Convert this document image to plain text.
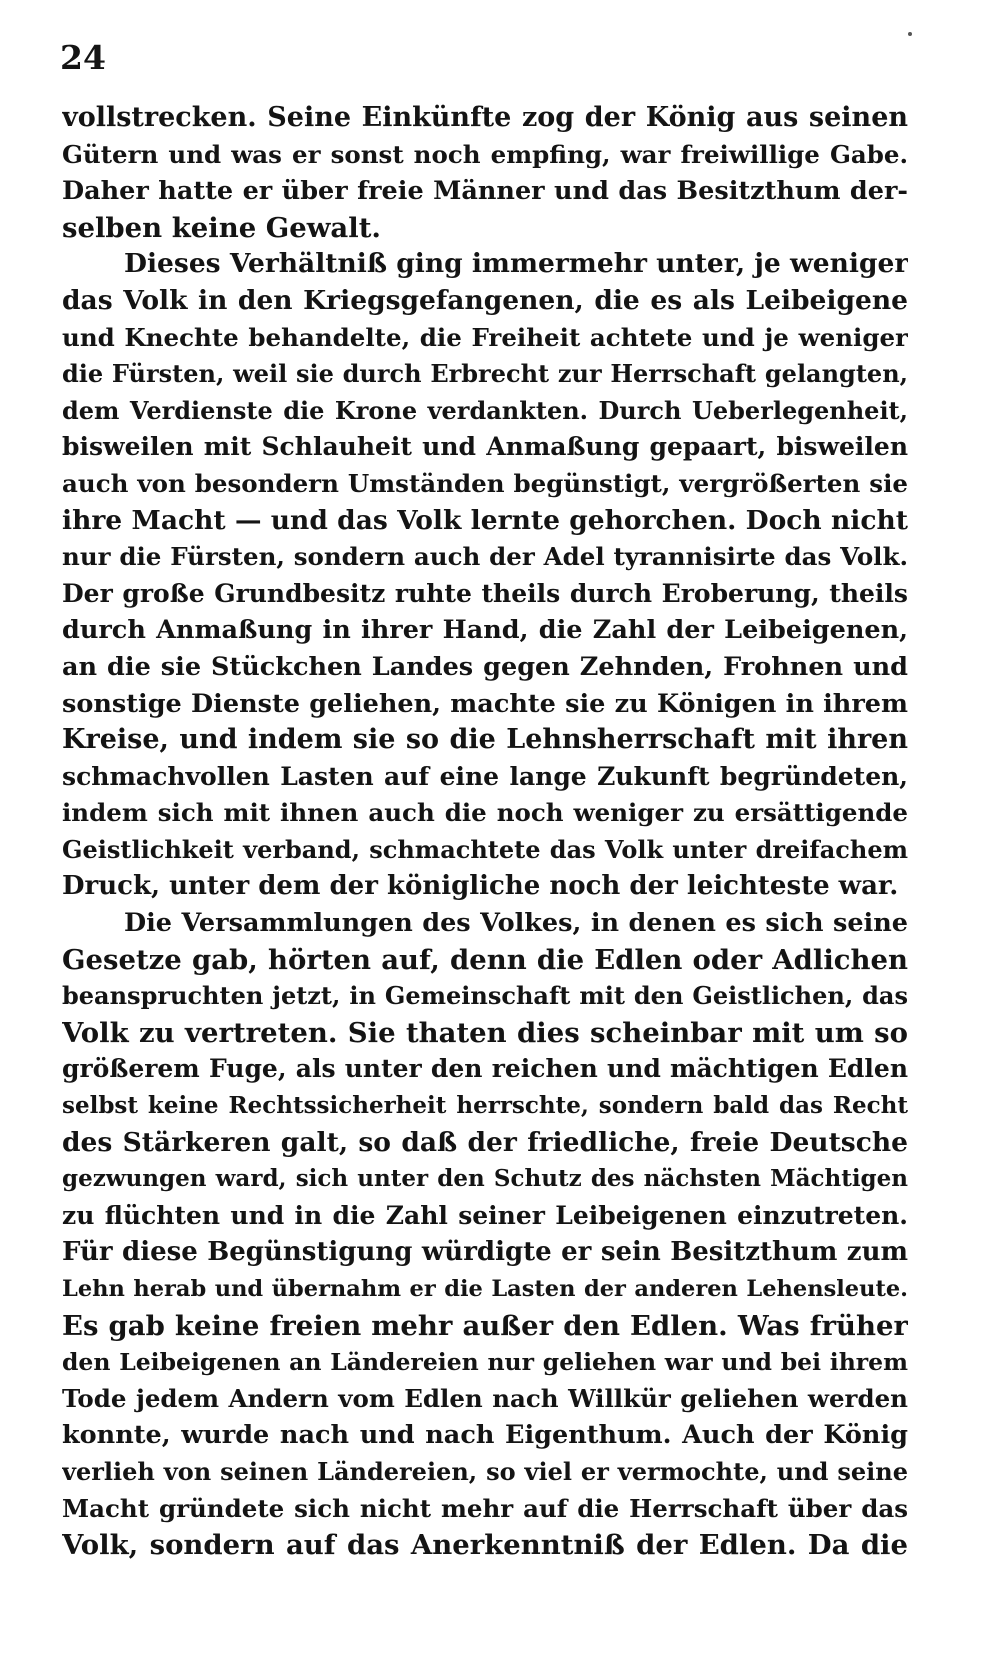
24
vollstrecken. Seine Einkünfte zog der König aus seinen
Gütern und was er sonst noch empfing, war freiwillige Gabe.
Daher hatte er über freie Männer und das Besitzthum der-
selben keine Gewalt.
Dieses Verhältniß ging immermehr unter, je weniger
das Volk in den Kriegsgefangenen, die es als Leibeigene
und Knechte behandelte, die Freiheit achtete und je weniger
die Fürsten, weil sie durch Erbrecht zur Herrschaft gelangten,
dem Verdienste die Krone verdankten. Durch Ueberlegenheit,
bisweilen mit Schlauheit und Anmaßung gepaart, bisweilen
auch von besondern Umständen begünstigt, vergrößerten sie
ihre Macht — und das Volk lernte gehorchen. Doch nicht
nur die Fürsten, sondern auch der Adel tyrannisirte das Volk.
Der große Grundbesitz ruhte theils durch Eroberung, theils
durch Anmaßung in ihrer Hand, die Zahl der Leibeigenen,
an die sie Stückchen Landes gegen Zehnden, Frohnen und
sonstige Dienste geliehen, machte sie zu Königen in ihrem
Kreise, und indem sie so die Lehnsherrschaft mit ihren
schmachvollen Lasten auf eine lange Zukunft begründeten,
indem sich mit ihnen auch die noch weniger zu ersättigende
Geistlichkeit verband, schmachtete das Volk unter dreifachem
Druck, unter dem der königliche noch der leichteste war.
Die Versammlungen des Volkes, in denen es sich seine
Gesetze gab, hörten auf, denn die Edlen oder Adlichen
beanspruchten jetzt, in Gemeinschaft mit den Geistlichen, das
Volk zu vertreten. Sie thaten dies scheinbar mit um so
größerem Fuge, als unter den reichen und mächtigen Edlen
selbst keine Rechtssicherheit herrschte, sondern bald das Recht
des Stärkeren galt, so daß der friedliche, freie Deutsche
gezwungen ward, sich unter den Schutz des nächsten Mächtigen
zu flüchten und in die Zahl seiner Leibeigenen einzutreten.
Für diese Begünstigung würdigte er sein Besitzthum zum
Lehn herab und übernahm er die Lasten der anderen Lehensleute.
Es gab keine freien mehr außer den Edlen. Was früher
den Leibeigenen an Ländereien nur geliehen war und bei ihrem
Tode jedem Andern vom Edlen nach Willkür geliehen werden
konnte, wurde nach und nach Eigenthum. Auch der König
verlieh von seinen Ländereien, so viel er vermochte, und seine
Macht gründete sich nicht mehr auf die Herrschaft über das
Volk, sondern auf das Anerkenntniß der Edlen. Da die
